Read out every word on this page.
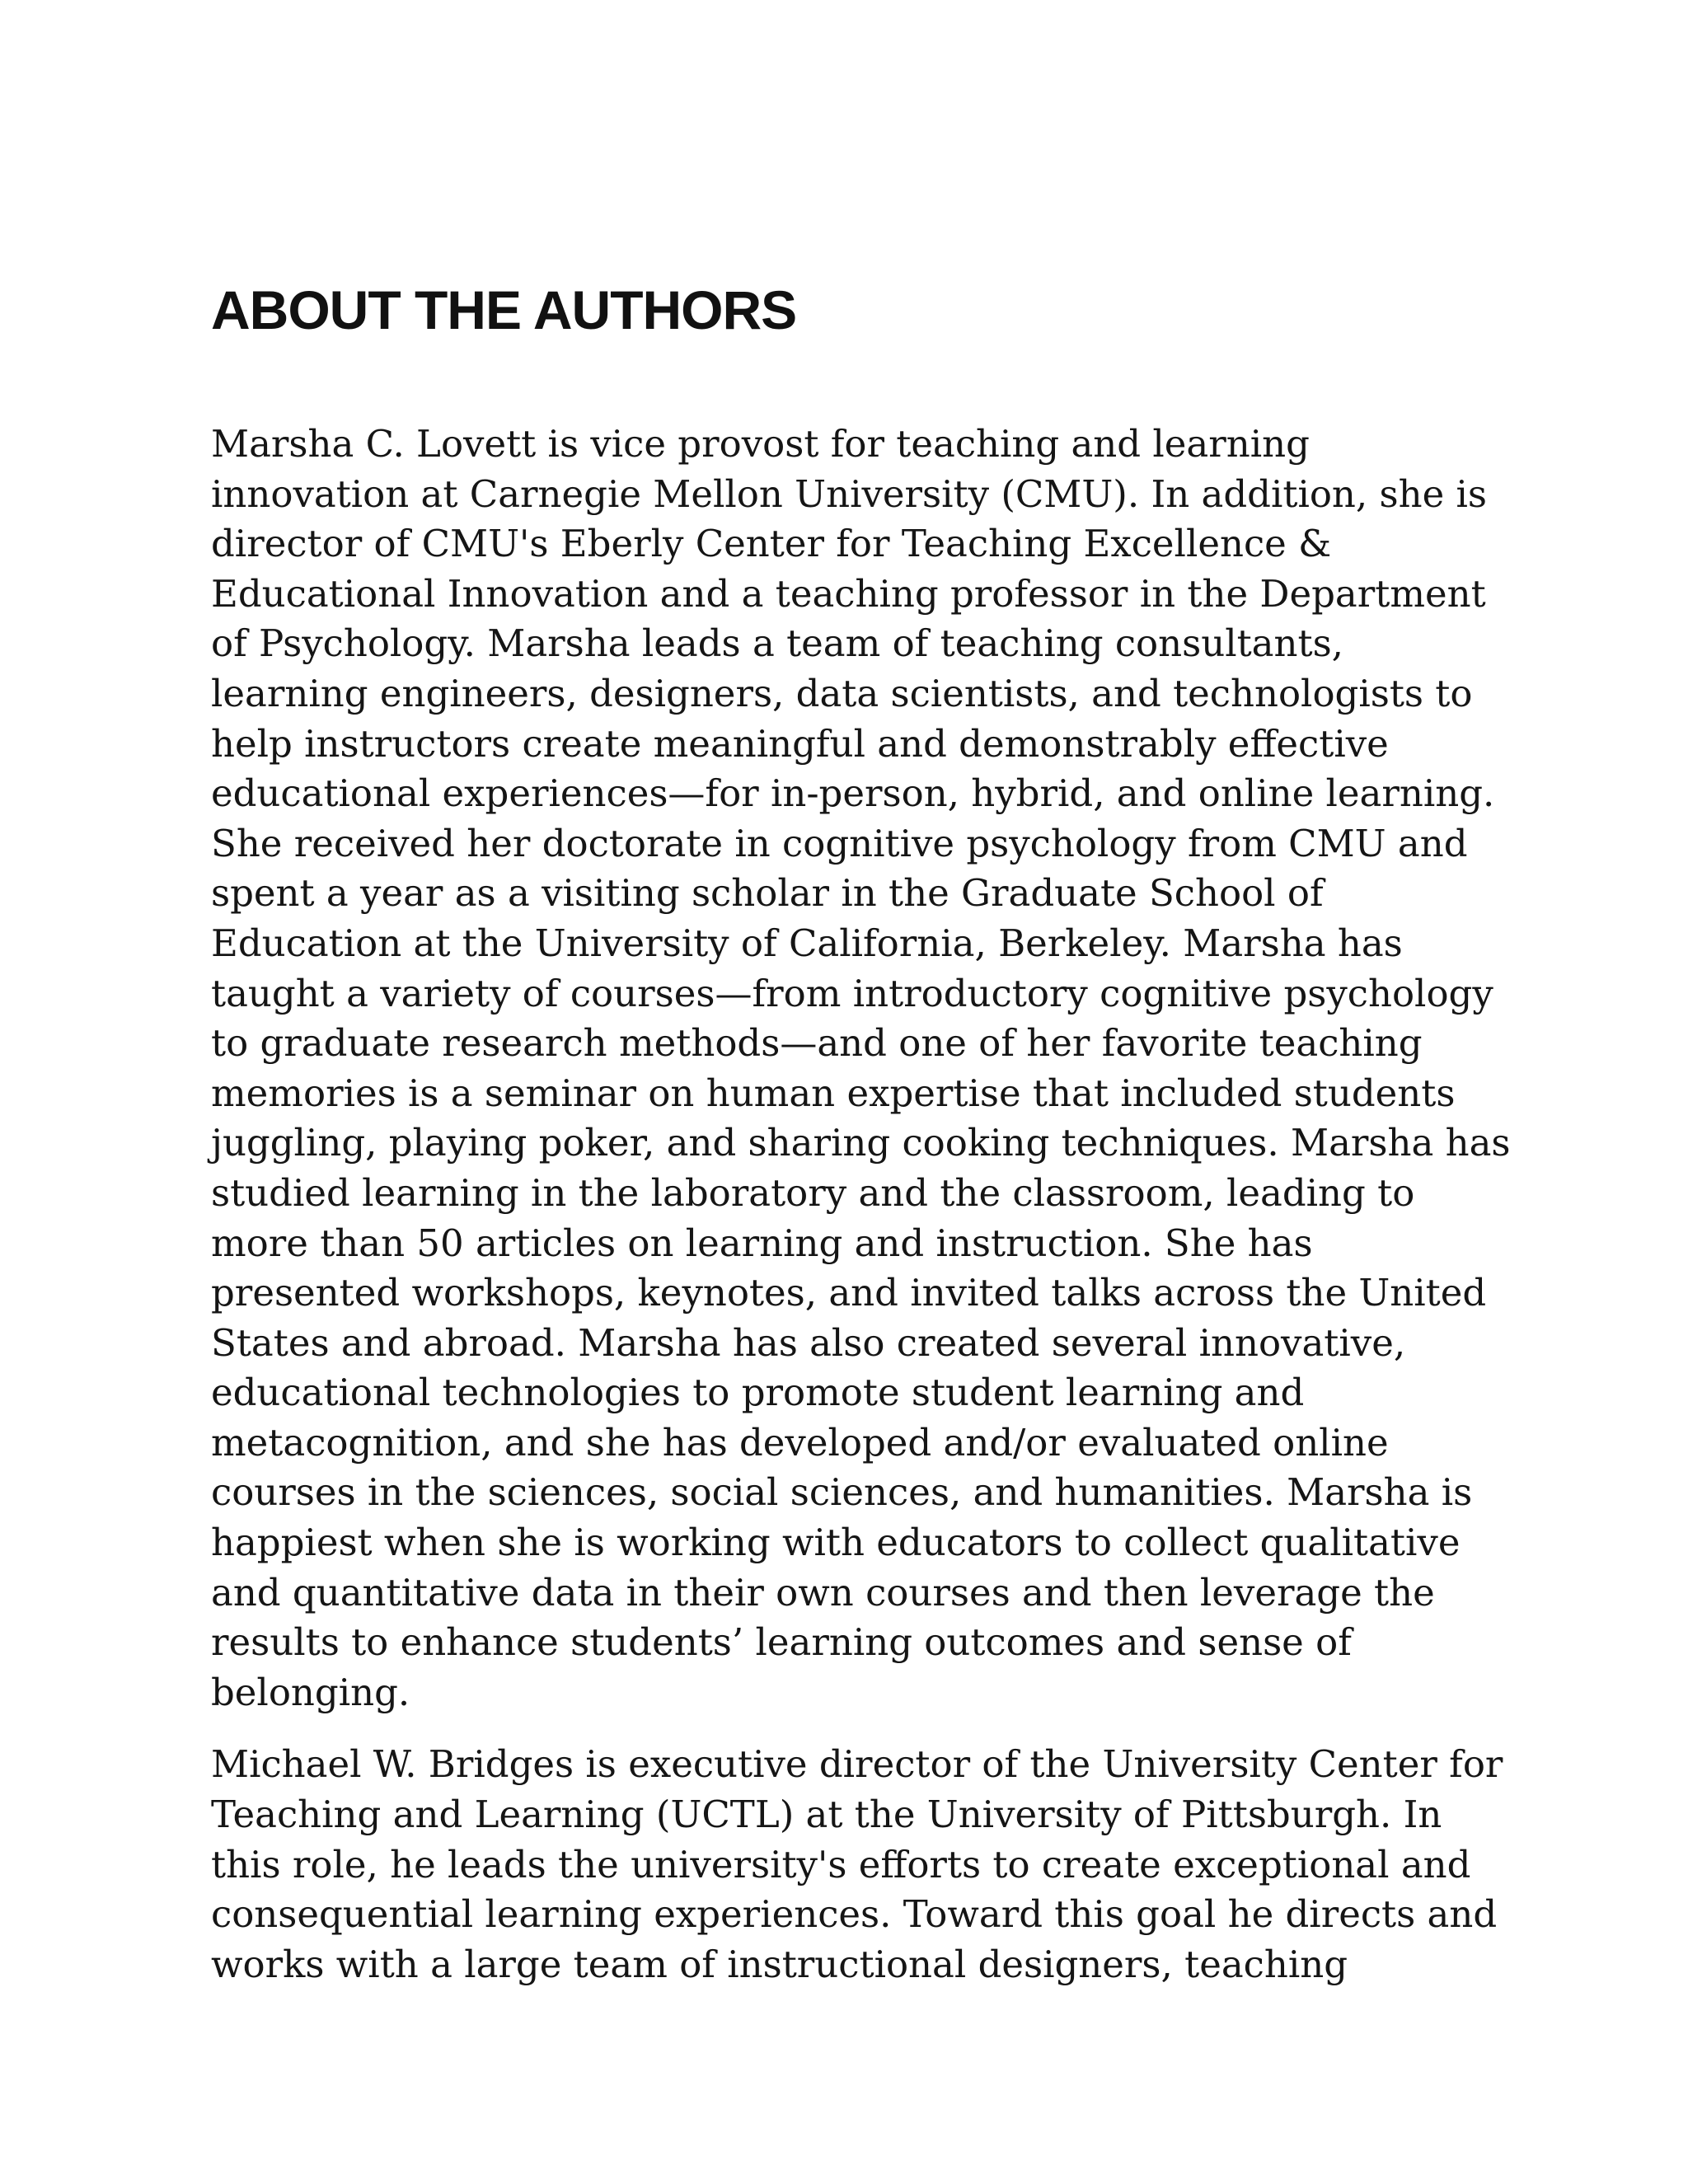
ABOUT THE AUTHORS

Marsha C. Lovett is vice provost for teaching and learning
innovation at Carnegie Mellon University (CMU). In addition, she is
director of CMU's Eberly Center for Teaching Excellence &
Educational Innovation and a teaching professor in the Department
of Psychology. Marsha leads a team of teaching consultants,
learning engineers, designers, data scientists, and technologists to
help instructors create meaningful and demonstrably effective
educational experiences—for in-person, hybrid, and online learning.
She received her doctorate in cognitive psychology from CMU and
spent a year as a visiting scholar in the Graduate School of
Education at the University of California, Berkeley. Marsha has
taught a variety of courses—from introductory cognitive psychology
to graduate research methods—and one of her favorite teaching
memories is a seminar on human expertise that included students
juggling, playing poker, and sharing cooking techniques. Marsha has
studied learning in the laboratory and the classroom, leading to
more than 50 articles on learning and instruction. She has
presented workshops, keynotes, and invited talks across the United
States and abroad. Marsha has also created several innovative,
educational technologies to promote student learning and
metacognition, and she has developed and/or evaluated online
courses in the sciences, social sciences, and humanities. Marsha is
happiest when she is working with educators to collect qualitative
and quantitative data in their own courses and then leverage the
results to enhance students’ learning outcomes and sense of
belonging.

Michael W. Bridges is executive director of the University Center for
Teaching and Learning (UCTL) at the University of Pittsburgh. In
this role, he leads the university's efforts to create exceptional and
consequential learning experiences. Toward this goal he directs and
works with a large team of instructional designers, teaching
